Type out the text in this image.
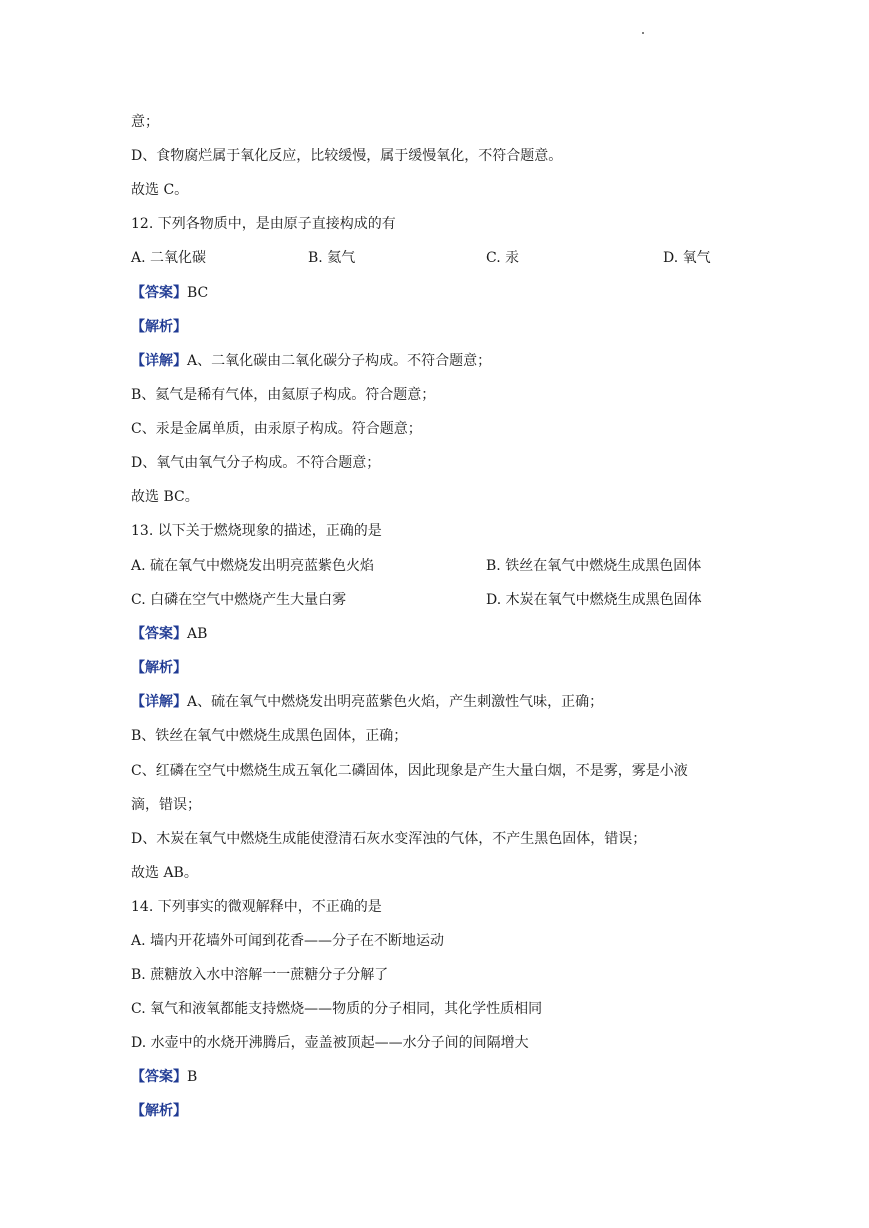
意；
D、食物腐烂属于氧化反应，比较缓慢，属于缓慢氧化，不符合题意。
故选 C。
12. 下列各物质中，是由原子直接构成的有
A. 二氧化碳	B. 氦气	C. 汞	D. 氧气
【答案】BC
【解析】
【详解】A、二氧化碳由二氧化碳分子构成。不符合题意；
B、氦气是稀有气体，由氦原子构成。符合题意；
C、汞是金属单质，由汞原子构成。符合题意；
D、氧气由氧气分子构成。不符合题意；
故选 BC。
13. 以下关于燃烧现象的描述，正确的是
A. 硫在氧气中燃烧发出明亮蓝紫色火焰	B. 铁丝在氧气中燃烧生成黑色固体
C. 白磷在空气中燃烧产生大量白雾	D. 木炭在氧气中燃烧生成黑色固体
【答案】AB
【解析】
【详解】A、硫在氧气中燃烧发出明亮蓝紫色火焰，产生刺激性气味，正确；
B、铁丝在氧气中燃烧生成黑色固体，正确；
C、红磷在空气中燃烧生成五氧化二磷固体，因此现象是产生大量白烟，不是雾，雾是小液
滴，错误；
D、木炭在氧气中燃烧生成能使澄清石灰水变浑浊的气体，不产生黑色固体，错误；
故选 AB。
14. 下列事实的微观解释中，不正确的是
A. 墙内开花墙外可闻到花香——分子在不断地运动
B. 蔗糖放入水中溶解一一蔗糖分子分解了
C. 氧气和液氧都能支持燃烧——物质的分子相同，其化学性质相同
D. 水壶中的水烧开沸腾后，壶盖被顶起——水分子间的间隔增大
【答案】B
【解析】
